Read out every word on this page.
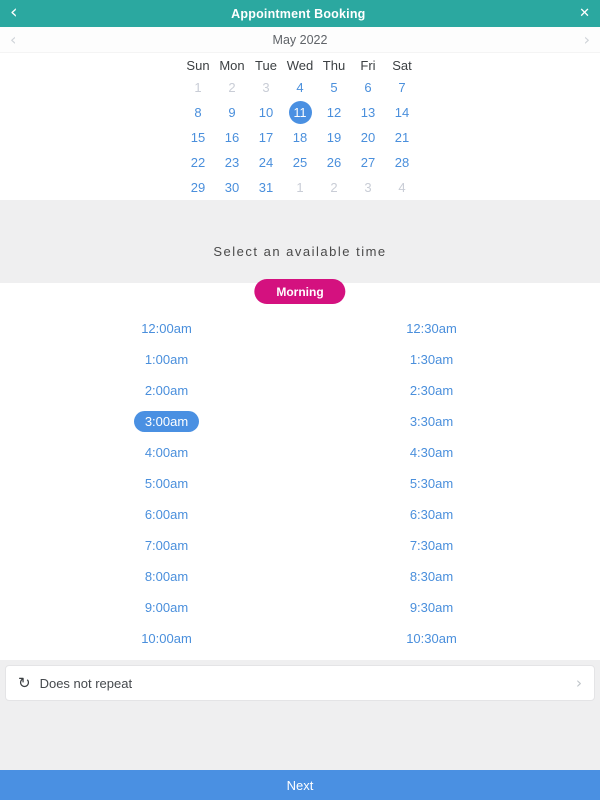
‹	Appointment Booking	✕
‹	May 2022	›
Sun Mon Tue Wed Thu	Fri	Sat
1 2 3 4 5 6 7
8 9 10	11	12 13 14
15 16 17 18 19 20 21
22 23 24 25 26 27 28
29 30 31 1 2 3 4
Select an available time
Morning
12:00am	12:30am
1:00am	1:30am
2:00am	2:30am
3:00am	3:30am
4:00am	4:30am
5:00am	5:30am
6:00am	6:30am
7:00am	7:30am
8:00am	8:30am
9:00am	9:30am
10:00am	10:30am
↻ Does not repeat	›
Next
